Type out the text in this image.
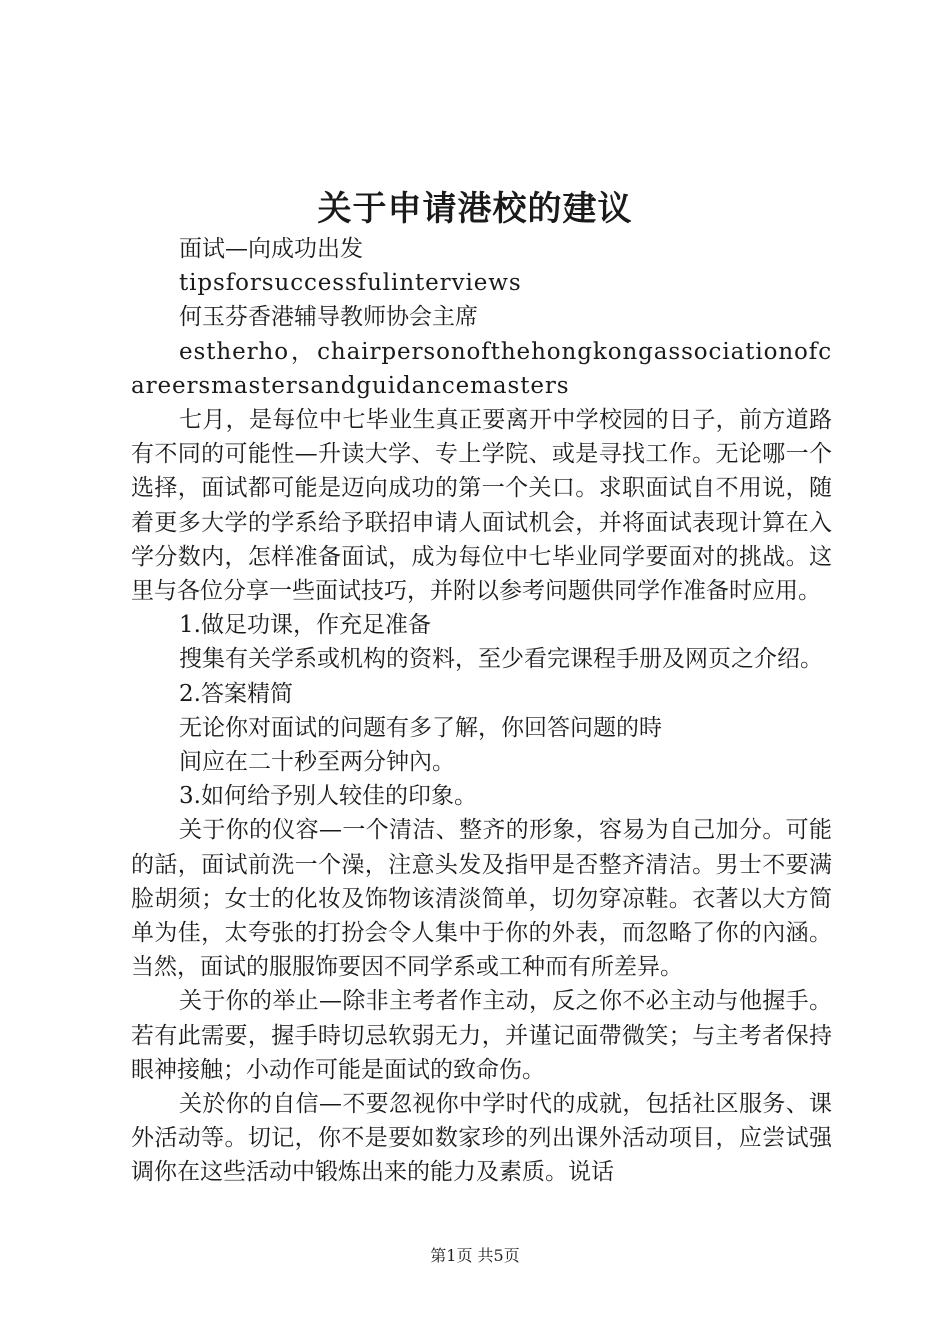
关于申请港校的建议

面试—向成功出发

tipsforsuccessfulinterviews

何玉芬香港辅导教师协会主席

estherho，chairpersonofthehongkongassociationofcareersmastersandguidancemasters

七月，是每位中七毕业生真正要离开中学校园的日子，前方道路有不同的可能性—升读大学、专上学院、或是寻找工作。无论哪一个选择，面试都可能是迈向成功的第一个关口。求职面试自不用说，随着更多大学的学系给予联招申请人面试机会，并将面试表现计算在入学分数内，怎样准备面试，成为每位中七毕业同学要面对的挑战。这里与各位分享一些面试技巧，并附以参考问题供同学作准备时应用。

1.做足功课，作充足准备

搜集有关学系或机构的资料，至少看完课程手册及网页之介绍。

2.答案精简

无论你对面试的问题有多了解，你回答问题的時

间应在二十秒至两分钟內。

3.如何给予别人较佳的印象。

关于你的仪容—一个清洁、整齐的形象，容易为自己加分。可能的話，面试前洗一个澡，注意头发及指甲是否整齐清洁。男士不要满脸胡须；女士的化妆及饰物该清淡简单，切勿穿凉鞋。衣著以大方简单为佳，太夸张的打扮会令人集中于你的外表，而忽略了你的內涵。当然，面试的服服饰要因不同学系或工种而有所差异。

关于你的举止—除非主考者作主动，反之你不必主动与他握手。若有此需要，握手時切忌软弱无力，并谨记面帶微笑；与主考者保持眼神接触；小动作可能是面试的致命伤。

关於你的自信—不要忽视你中学时代的成就，包括社区服务、课外活动等。切记，你不是要如数家珍的列出课外活动项目，应尝试强调你在这些活动中锻炼出来的能力及素质。说话

第1页 共5页
